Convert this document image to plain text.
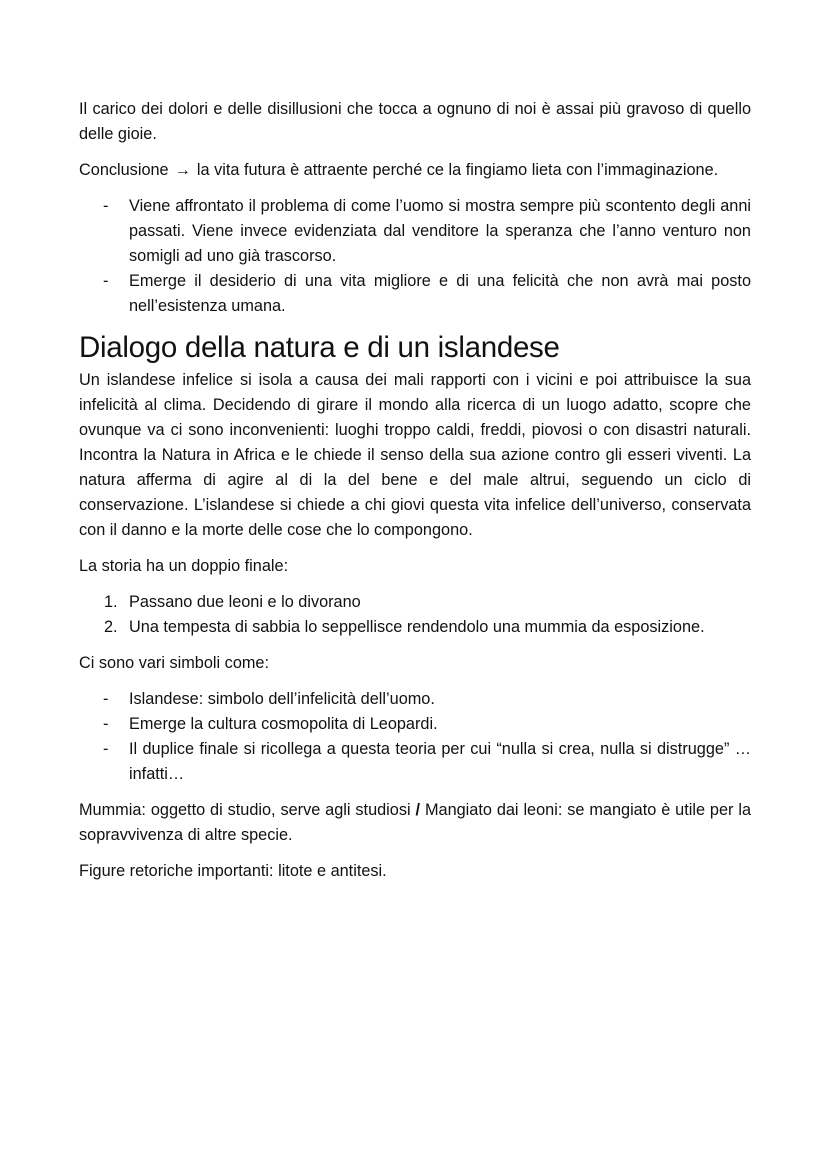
Il carico dei dolori e delle disillusioni che tocca a ognuno di noi è assai più gravoso di quello delle gioie.

Conclusione → la vita futura è attraente perché ce la fingiamo lieta con l’immaginazione.

- Viene affrontato il problema di come l’uomo si mostra sempre più scontento degli anni passati. Viene invece evidenziata dal venditore la speranza che l’anno venturo non somigli ad uno già trascorso.
- Emerge il desiderio di una vita migliore e di una felicità che non avrà mai posto nell’esistenza umana.
Dialogo della natura e di un islandese

Un islandese infelice si isola a causa dei mali rapporti con i vicini e poi attribuisce la sua infelicità al clima. Decidendo di girare il mondo alla ricerca di un luogo adatto, scopre che ovunque va ci sono inconvenienti: luoghi troppo caldi, freddi, piovosi o con disastri naturali. Incontra la Natura in Africa e le chiede il senso della sua azione contro gli esseri viventi. La natura afferma di agire al di la del bene e del male altrui, seguendo un ciclo di conservazione. L’islandese si chiede a chi giovi questa vita infelice dell’universo, conservata con il danno e la morte delle cose che lo compongono.

La storia ha un doppio finale:

1. Passano due leoni e lo divorano
2. Una tempesta di sabbia lo seppellisce rendendolo una mummia da esposizione.

Ci sono vari simboli come:

- Islandese: simbolo dell’infelicità dell’uomo.
- Emerge la cultura cosmopolita di Leopardi.
- Il duplice finale si ricollega a questa teoria per cui “nulla si crea, nulla si distrugge” … infatti…

Mummia: oggetto di studio, serve agli studiosi / Mangiato dai leoni: se mangiato è utile per la sopravvivenza di altre specie.

Figure retoriche importanti: litote e antitesi.
